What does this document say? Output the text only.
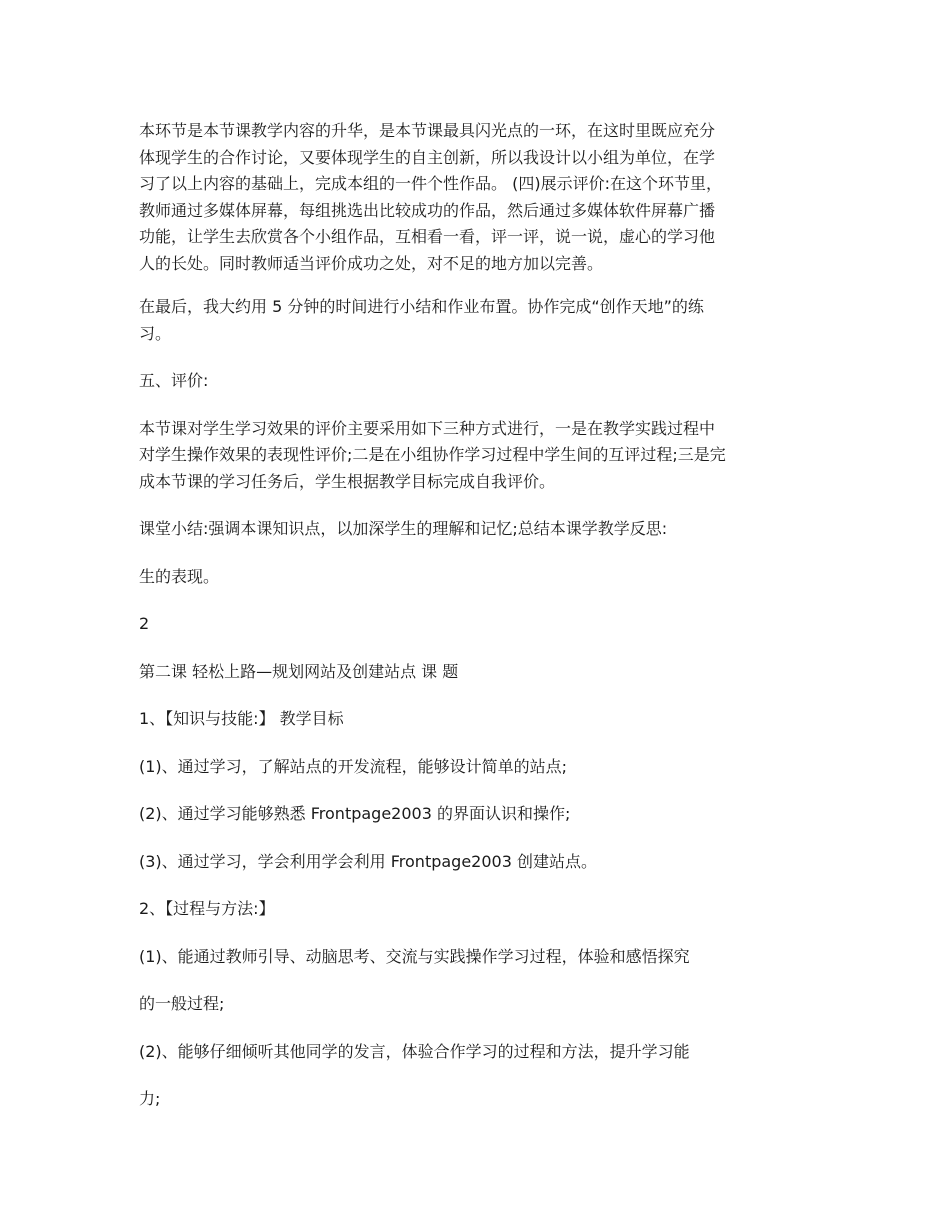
本环节是本节课教学内容的升华，是本节课最具闪光点的一环，在这时里既应充分
体现学生的合作讨论，又要体现学生的自主创新，所以我设计以小组为单位，在学
习了以上内容的基础上，完成本组的一件个性作品。 (四)展示评价:在这个环节里，
教师通过多媒体屏幕，每组挑选出比较成功的作品，然后通过多媒体软件屏幕广播
功能，让学生去欣赏各个小组作品，互相看一看，评一评，说一说，虚心的学习他
人的长处。同时教师适当评价成功之处，对不足的地方加以完善。

在最后，我大约用 5 分钟的时间进行小结和作业布置。协作完成“创作天地”的练
习。

五、评价:

本节课对学生学习效果的评价主要采用如下三种方式进行，一是在教学实践过程中
对学生操作效果的表现性评价;二是在小组协作学习过程中学生间的互评过程;三是完
成本节课的学习任务后，学生根据教学目标完成自我评价。

课堂小结:强调本课知识点，以加深学生的理解和记忆;总结本课学教学反思:

生的表现。

2

第二课 轻松上路—规划网站及创建站点 课 题

1、【知识与技能:】 教学目标

(1)、通过学习，了解站点的开发流程，能够设计简单的站点;

(2)、通过学习能够熟悉 Frontpage2003 的界面认识和操作;

(3)、通过学习，学会利用学会利用 Frontpage2003 创建站点。

2、【过程与方法:】

(1)、能通过教师引导、动脑思考、交流与实践操作学习过程，体验和感悟探究

的一般过程;

(2)、能够仔细倾听其他同学的发言，体验合作学习的过程和方法，提升学习能

力;
